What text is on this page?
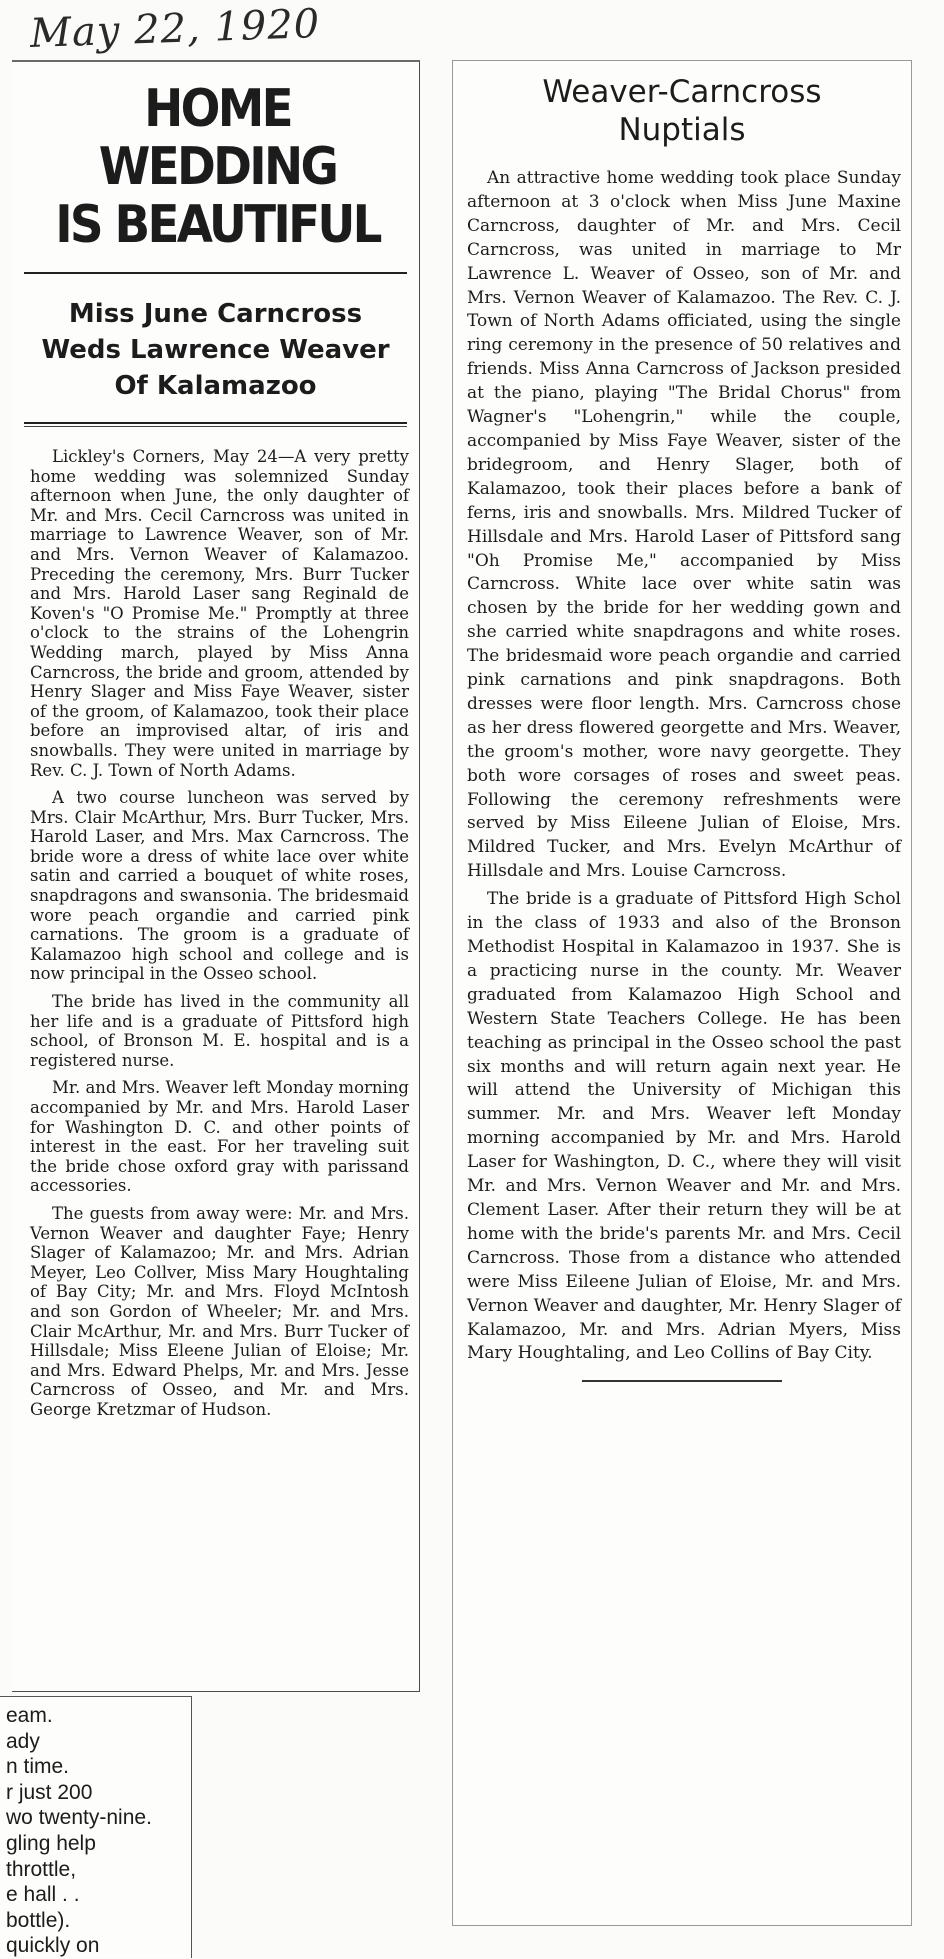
May 22, 1920
HOME WEDDING
IS BEAUTIFUL
Miss June Carncross
Weds Lawrence Weaver
Of Kalamazoo

Lickley's Corners, May 24—A very pretty home wedding was solemnized Sunday afternoon when June, the only daughter of Mr. and Mrs. Cecil Carncross was united in marriage to Lawrence Weaver, son of Mr. and Mrs. Vernon Weaver of Kalamazoo. Preceding the ceremony, Mrs. Burr Tucker and Mrs. Harold Laser sang Reginald de Koven's "O Promise Me." Promptly at three o'clock to the strains of the Lohengrin Wedding march, played by Miss Anna Carncross, the bride and groom, attended by Henry Slager and Miss Faye Weaver, sister of the groom, of Kalamazoo, took their place before an improvised altar, of iris and snowballs. They were united in marriage by Rev. C. J. Town of North Adams.

A two course luncheon was served by Mrs. Clair McArthur, Mrs. Burr Tucker, Mrs. Harold Laser, and Mrs. Max Carncross. The bride wore a dress of white lace over white satin and carried a bouquet of white roses, snapdragons and swansonia. The bridesmaid wore peach organdie and carried pink carnations. The groom is a graduate of Kalamazoo high school and college and is now principal in the Osseo school.

The bride has lived in the community all her life and is a graduate of Pittsford high school, of Bronson M. E. hospital and is a registered nurse.

Mr. and Mrs. Weaver left Monday morning accompanied by Mr. and Mrs. Harold Laser for Washington D. C. and other points of interest in the east. For her traveling suit the bride chose oxford gray with parissand accessories.

The guests from away were: Mr. and Mrs. Vernon Weaver and daughter Faye; Henry Slager of Kalamazoo; Mr. and Mrs. Adrian Meyer, Leo Collver, Miss Mary Houghtaling of Bay City; Mr. and Mrs. Floyd McIntosh and son Gordon of Wheeler; Mr. and Mrs. Clair McArthur, Mr. and Mrs. Burr Tucker of Hillsdale; Miss Eleene Julian of Eloise; Mr. and Mrs. Edward Phelps, Mr. and Mrs. Jesse Carncross of Osseo, and Mr. and Mrs. George Kretzmar of Hudson.

Weaver-Carncross
Nuptials

An attractive home wedding took place Sunday afternoon at 3 o'clock when Miss June Maxine Carncross, daughter of Mr. and Mrs. Cecil Carncross, was united in marriage to Mr Lawrence L. Weaver of Osseo, son of Mr. and Mrs. Vernon Weaver of Kalamazoo. The Rev. C. J. Town of North Adams officiated, using the single ring ceremony in the presence of 50 relatives and friends. Miss Anna Carncross of Jackson presided at the piano, playing "The Bridal Chorus" from Wagner's "Lohengrin," while the couple, accompanied by Miss Faye Weaver, sister of the bridegroom, and Henry Slager, both of Kalamazoo, took their places before a bank of ferns, iris and snowballs. Mrs. Mildred Tucker of Hillsdale and Mrs. Harold Laser of Pittsford sang "Oh Promise Me," accompanied by Miss Carncross. White lace over white satin was chosen by the bride for her wedding gown and she carried white snapdragons and white roses. The bridesmaid wore peach organdie and carried pink carnations and pink snapdragons. Both dresses were floor length. Mrs. Carncross chose as her dress flowered georgette and Mrs. Weaver, the groom's mother, wore navy georgette. They both wore corsages of roses and sweet peas. Following the ceremony refreshments were served by Miss Eileene Julian of Eloise, Mrs. Mildred Tucker, and Mrs. Evelyn McArthur of Hillsdale and Mrs. Louise Carncross.

The bride is a graduate of Pittsford High Schol in the class of 1933 and also of the Bronson Methodist Hospital in Kalamazoo in 1937. She is a practicing nurse in the county. Mr. Weaver graduated from Kalamazoo High School and Western State Teachers College. He has been teaching as principal in the Osseo school the past six months and will return again next year. He will attend the University of Michigan this summer. Mr. and Mrs. Weaver left Monday morning accompanied by Mr. and Mrs. Harold Laser for Washington, D. C., where they will visit Mr. and Mrs. Vernon Weaver and Mr. and Mrs. Clement Laser. After their return they will be at home with the bride's parents Mr. and Mrs. Cecil Carncross. Those from a distance who attended were Miss Eileene Julian of Eloise, Mr. and Mrs. Vernon Weaver and daughter, Mr. Henry Slager of Kalamazoo, Mr. and Mrs. Adrian Myers, Miss Mary Houghtaling, and Leo Collins of Bay City.

eam.
ady
n time.
r just 200
wo twenty-nine.
gling help
throttle,
e hall . .
bottle).
quickly on
